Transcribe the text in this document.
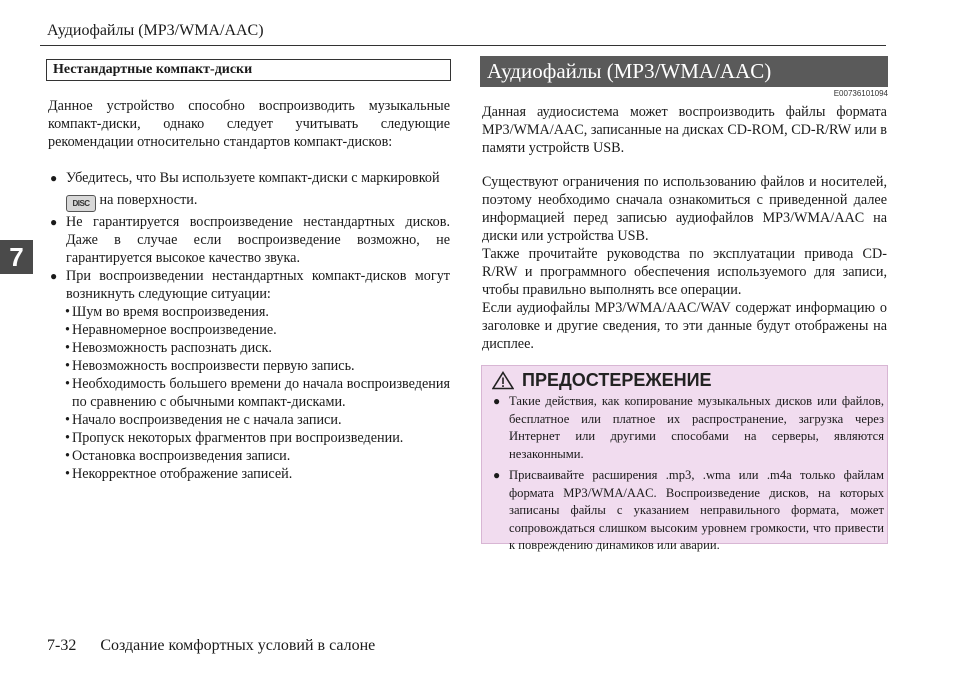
Аудиофайлы (MP3/WMA/AAC)
7
Нестандартные компакт-диски

Данное устройство способно воспроизводить музыкальные компакт-диски, однако следует учитывать следующие рекомендации относительно стандартов компакт-дисков:

● Убедитесь, что Вы используете компакт-диски с маркировкой
DISC на поверхности.

● Не гарантируется воспроизведение нестандартных дисков. Даже в случае если воспроизведение возможно, не гарантируется высокое качество звука.

● При воспроизведении нестандартных компакт-дисков могут возникнуть следующие ситуации:

• Шум во время воспроизведения.

• Неравномерное воспроизведение.

• Невозможность распознать диск.

• Невозможность воспроизвести первую запись.

• Необходимость большего времени до начала воспроизведения по сравнению с обычными компакт-дисками.

• Начало воспроизведения не с начала записи.

• Пропуск некоторых фрагментов при воспроизведении.

• Остановка воспроизведения записи.

• Некорректное отображение записей.

Аудиофайлы (MP3/WMA/AAC)
E00736101094

Данная аудиосистема может воспроизводить файлы формата MP3/WMA/AAC, записанные на дисках CD-ROM, CD-R/RW или в памяти устройств USB.

Существуют ограничения по использованию файлов и носителей, поэтому необходимо сначала ознакомиться с приведенной далее информацией перед записью аудиофайлов MP3/WMA/AAC на диски или устройства USB.

Также прочитайте руководства по эксплуатации привода CD-R/RW и программного обеспечения используемого для записи, чтобы правильно выполнять все операции.

Если аудиофайлы MP3/WMA/AAC/WAV содержат информацию о заголовке и другие сведения, то эти данные будут отображены на дисплее.

ПРЕДОСТЕРЕЖЕНИЕ

● Такие действия, как копирование музыкальных дисков или файлов, бесплатное или платное их распространение, загрузка через Интернет или другими способами на серверы, являются незаконными.

● Присваивайте расширения .mp3, .wma или .m4a только файлам формата MP3/WMA/AAC. Воспроизведение дисков, на которых записаны файлы с указанием неправильного формата, может сопровождаться слишком высоким уровнем громкости, что привести к повреждению динамиков или аварии.

7-32 Создание комфортных условий в салоне
